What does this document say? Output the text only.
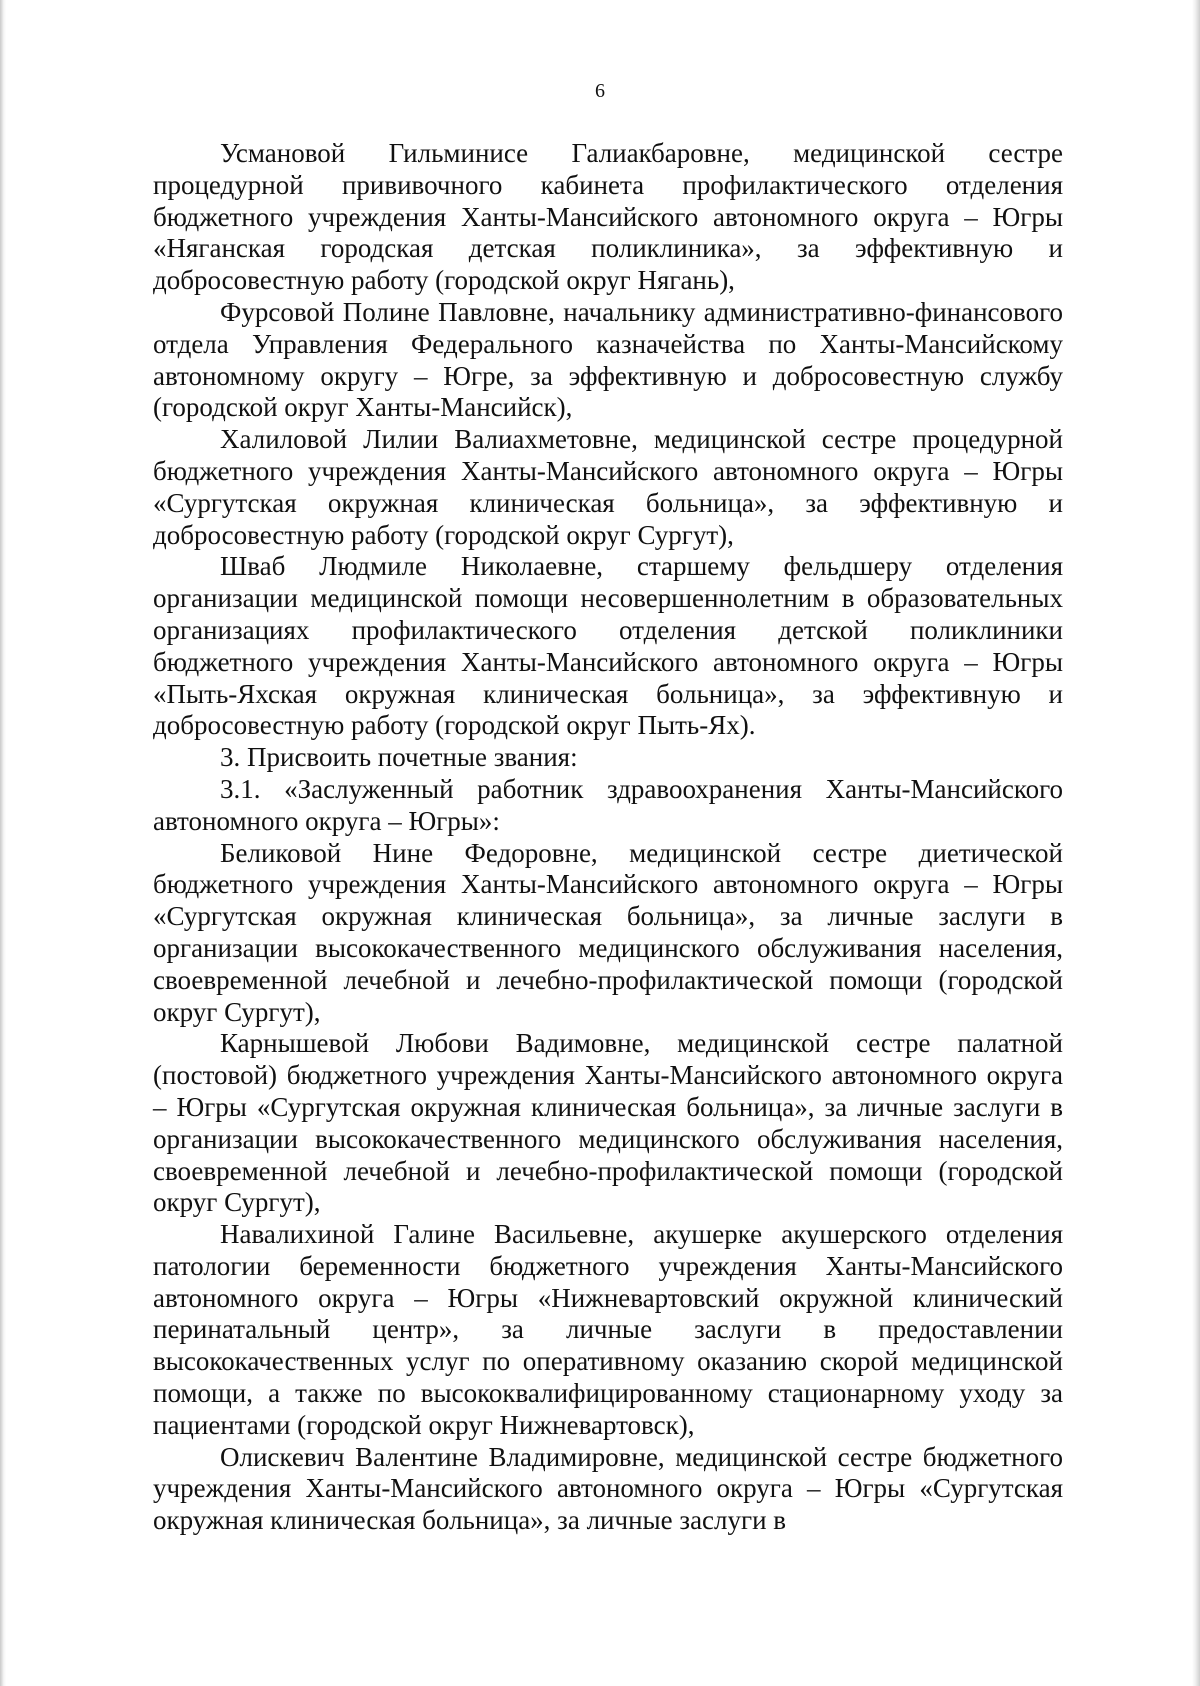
6

Усмановой Гильминисе Галиакбаровне, медицинской сестре процедурной прививочного кабинета профилактического отделения бюджетного учреждения Ханты-Мансийского автономного округа – Югры «Няганская городская детская поликлиника», за эффективную и добросовестную работу (городской округ Нягань),

Фурсовой Полине Павловне, начальнику административно-финансового отдела Управления Федерального казначейства по Ханты-Мансийскому автономному округу – Югре, за эффективную и добросовестную службу (городской округ Ханты-Мансийск),

Халиловой Лилии Валиахметовне, медицинской сестре процедурной бюджетного учреждения Ханты-Мансийского автономного округа – Югры «Сургутская окружная клиническая больница», за эффективную и добросовестную работу (городской округ Сургут),

Шваб Людмиле Николаевне, старшему фельдшеру отделения организации медицинской помощи несовершеннолетним в образовательных организациях профилактического отделения детской поликлиники бюджетного учреждения Ханты-Мансийского автономного округа – Югры «Пыть-Яхская окружная клиническая больница», за эффективную и добросовестную работу (городской округ Пыть-Ях).

3. Присвоить почетные звания:

3.1. «Заслуженный работник здравоохранения Ханты-Мансийского автономного округа – Югры»:

Беликовой Нине Федоровне, медицинской сестре диетической бюджетного учреждения Ханты-Мансийского автономного округа – Югры «Сургутская окружная клиническая больница», за личные заслуги в организации высококачественного медицинского обслуживания населения, своевременной лечебной и лечебно-профилактической помощи (городской округ Сургут),

Карнышевой Любови Вадимовне, медицинской сестре палатной (постовой) бюджетного учреждения Ханты-Мансийского автономного округа – Югры «Сургутская окружная клиническая больница», за личные заслуги в организации высококачественного медицинского обслуживания населения, своевременной лечебной и лечебно-профилактической помощи (городской округ Сургут),

Навалихиной Галине Васильевне, акушерке акушерского отделения патологии беременности бюджетного учреждения Ханты-Мансийского автономного округа – Югры «Нижневартовский окружной клинический перинатальный центр», за личные заслуги в предоставлении высококачественных услуг по оперативному оказанию скорой медицинской помощи, а также по высококвалифицированному стационарному уходу за пациентами (городской округ Нижневартовск),

Олискевич Валентине Владимировне, медицинской сестре бюджетного учреждения Ханты-Мансийского автономного округа – Югры «Сургутская окружная клиническая больница», за личные заслуги в
